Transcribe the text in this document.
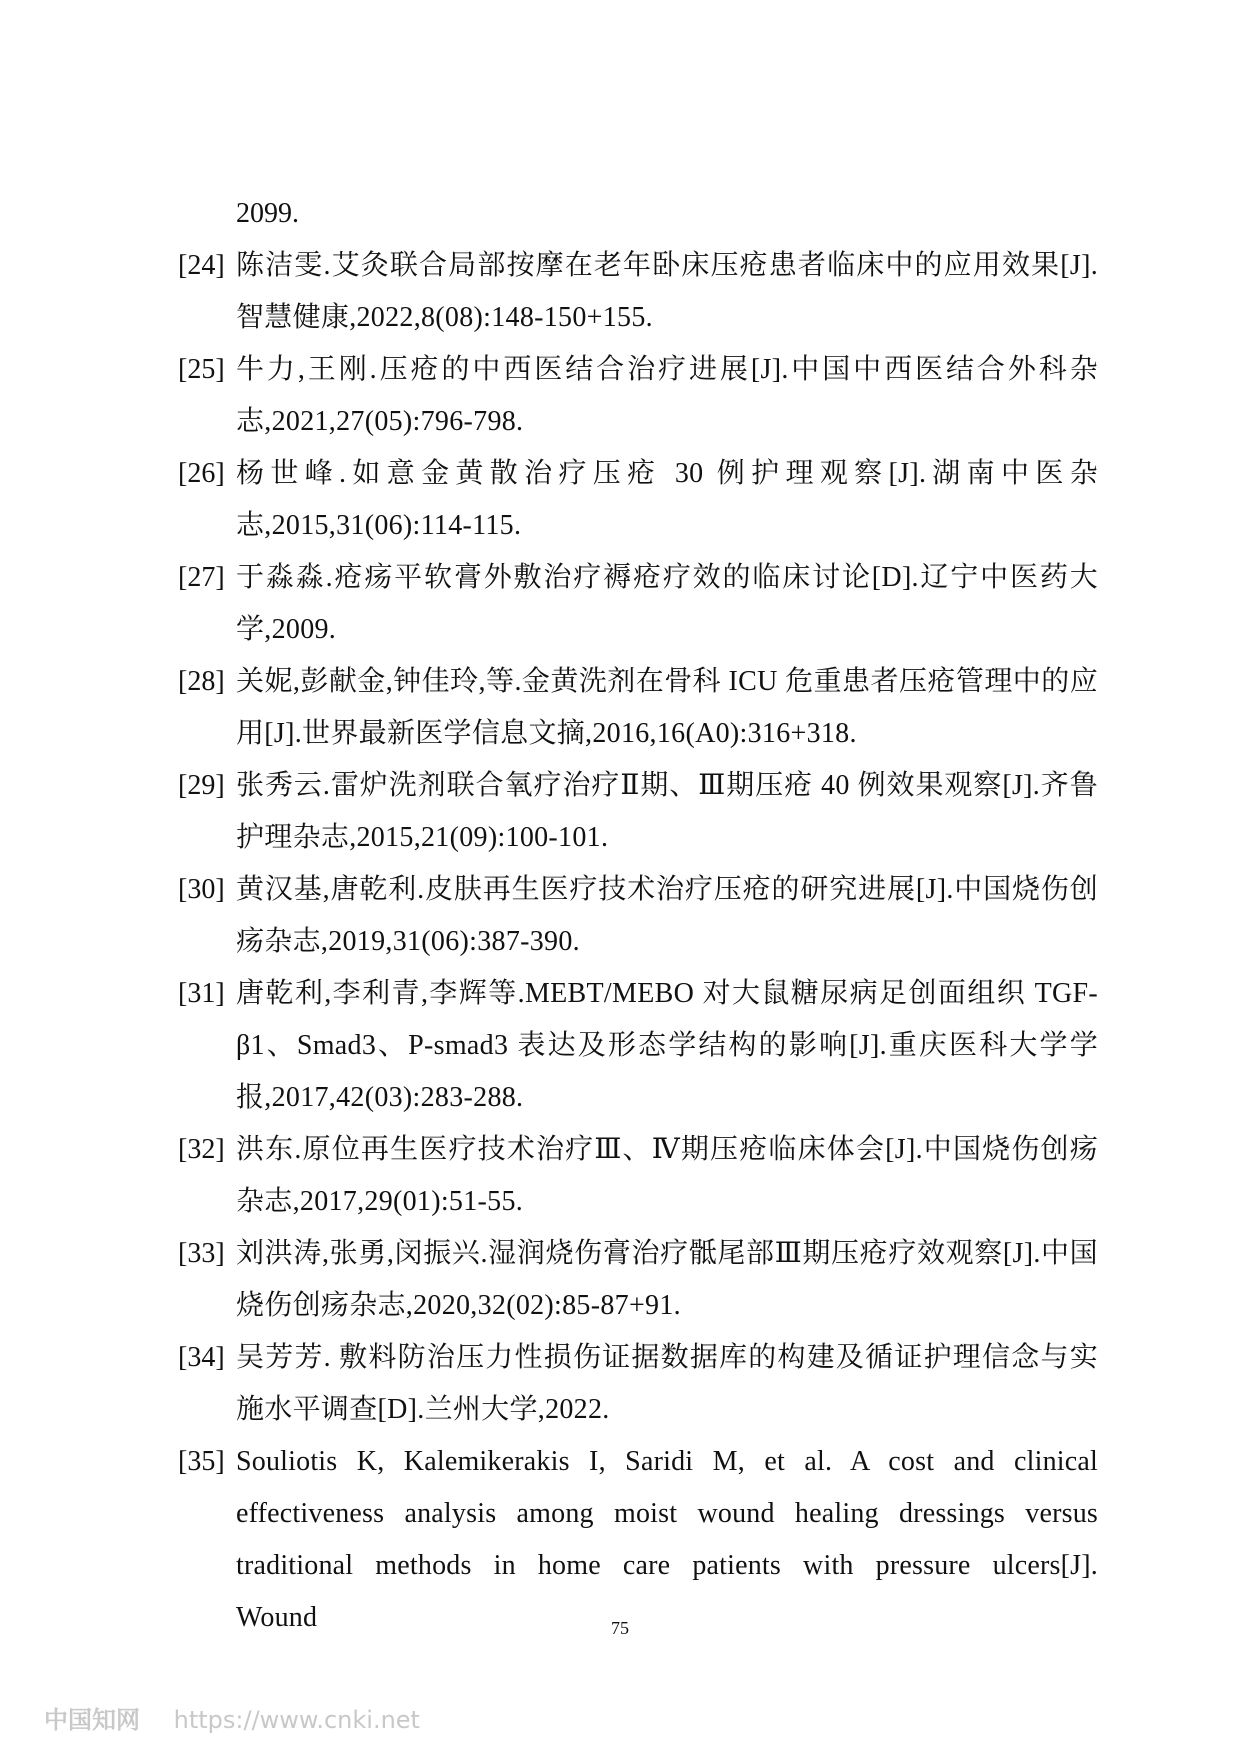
2099.
[24] 陈洁雯.艾灸联合局部按摩在老年卧床压疮患者临床中的应用效果[J].智慧健康,2022,8(08):148-150+155.
[25] 牛力,王刚.压疮的中西医结合治疗进展[J].中国中西医结合外科杂志,2021,27(05):796-798.
[26] 杨世峰.如意金黄散治疗压疮 30 例护理观察[J].湖南中医杂志,2015,31(06):114-115.
[27] 于淼淼.疮疡平软膏外敷治疗褥疮疗效的临床讨论[D].辽宁中医药大学,2009.
[28] 关妮,彭献金,钟佳玲,等.金黄洗剂在骨科 ICU 危重患者压疮管理中的应用[J].世界最新医学信息文摘,2016,16(A0):316+318.
[29] 张秀云.雷炉洗剂联合氧疗治疗Ⅱ期、Ⅲ期压疮 40 例效果观察[J].齐鲁护理杂志,2015,21(09):100-101.
[30] 黄汉基,唐乾利.皮肤再生医疗技术治疗压疮的研究进展[J].中国烧伤创疡杂志,2019,31(06):387-390.
[31] 唐乾利,李利青,李辉等.MEBT/MEBO 对大鼠糖尿病足创面组织 TGF-β1、Smad3、P-smad3 表达及形态学结构的影响[J].重庆医科大学学报,2017,42(03):283-288.
[32] 洪东.原位再生医疗技术治疗Ⅲ、Ⅳ期压疮临床体会[J].中国烧伤创疡杂志,2017,29(01):51-55.
[33] 刘洪涛,张勇,闵振兴.湿润烧伤膏治疗骶尾部Ⅲ期压疮疗效观察[J].中国烧伤创疡杂志,2020,32(02):85-87+91.
[34] 吴芳芳. 敷料防治压力性损伤证据数据库的构建及循证护理信念与实施水平调查[D].兰州大学,2022.
[35] Souliotis K, Kalemikerakis I, Saridi M, et al. A cost and clinical effectiveness analysis among moist wound healing dressings versus traditional methods in home care patients with pressure ulcers[J]. Wound	75
中国知网 https://www.cnki.net
